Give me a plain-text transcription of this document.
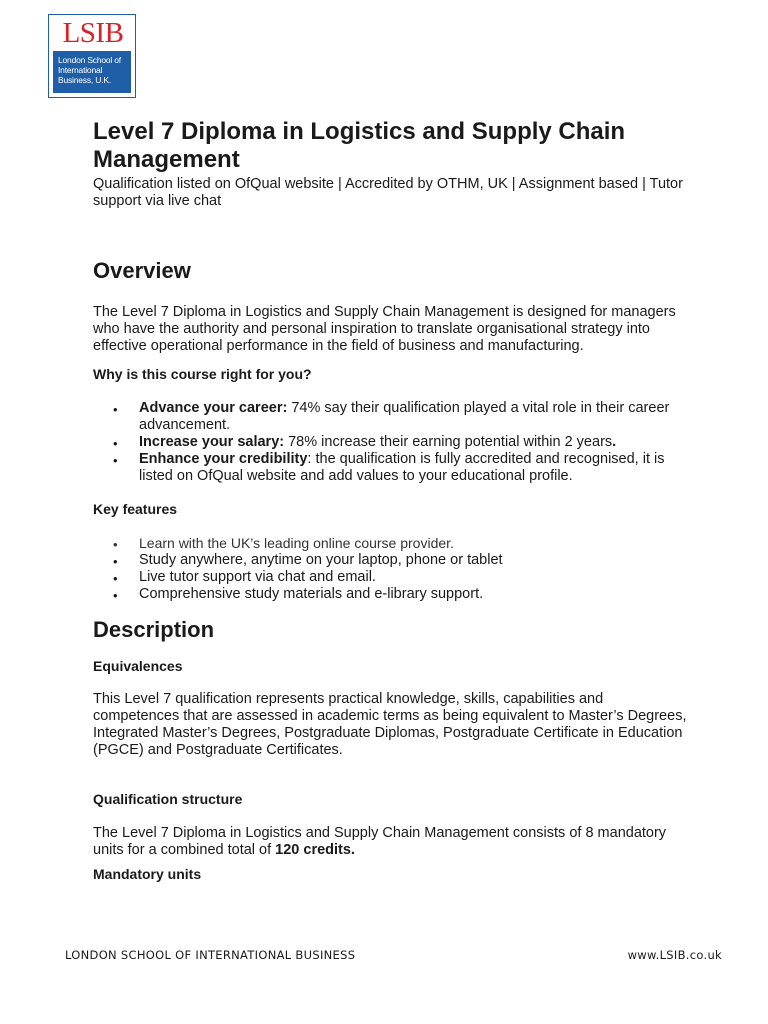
LSIB
London School of
International
Business, U.K.
Level 7 Diploma in Logistics and Supply Chain Management

Qualification listed on OfQual website | Accredited by OTHM, UK | Assignment based | Tutor support via live chat

Overview

The Level 7 Diploma in Logistics and Supply Chain Management is designed for managers who have the authority and personal inspiration to translate organisational strategy into effective operational performance in the field of business and manufacturing.

Why is this course right for you?
• Advance your career: 74% say their qualification played a vital role in their career advancement.
• Increase your salary: 78% increase their earning potential within 2 years.
• Enhance your credibility: the qualification is fully accredited and recognised, it is listed on OfQual website and add values to your educational profile.
Key features
• Learn with the UK’s leading online course provider.
• Study anywhere, anytime on your laptop, phone or tablet
• Live tutor support via chat and email.
• Comprehensive study materials and e-library support.
Description
Equivalences

This Level 7 qualification represents practical knowledge, skills, capabilities and competences that are assessed in academic terms as being equivalent to Master’s Degrees, Integrated Master’s Degrees, Postgraduate Diplomas, Postgraduate Certificate in Education (PGCE) and Postgraduate Certificates.

Qualification structure

The Level 7 Diploma in Logistics and Supply Chain Management consists of 8 mandatory units for a combined total of 120 credits.

Mandatory units
LONDON SCHOOL OF INTERNATIONAL BUSINESS	www.LSIB.co.uk
